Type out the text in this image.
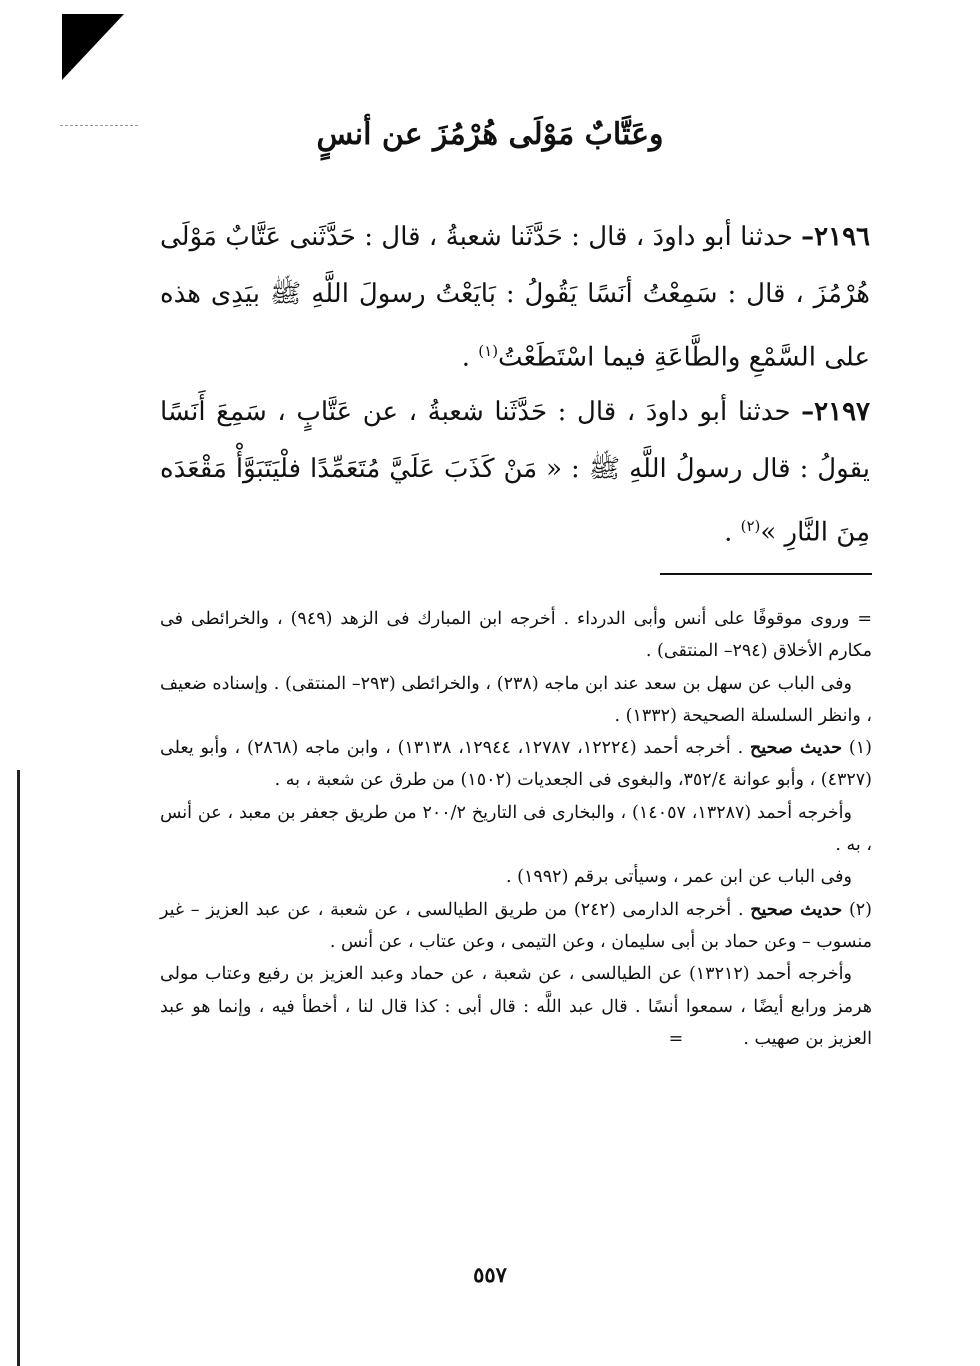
وعَتَّابٌ مَوْلَى هُرْمُزَ عن أنسٍ
٢١٩٦– حدثنا أبو داودَ ، قال : حَدَّثَنا شعبةُ ، قال : حَدَّثَنى عَتَّابٌ مَوْلَى هُرْمُزَ ، قال : سَمِعْتُ أنَسًا يَقُولُ : بَايَعْتُ رسولَ اللَّهِ ﷺ بيَدِى هذه على السَّمْعِ والطَّاعَةِ فيما اسْتَطَعْتُ$^{(١)}$ .
٢١٩٧– حدثنا أبو داودَ ، قال : حَدَّثَنا شعبةُ ، عن عَتَّابٍ ، سَمِعَ أَنَسًا يقولُ : قال رسولُ اللَّهِ ﷺ : « مَنْ كَذَبَ عَلَيَّ مُتَعَمِّدًا فلْيَتَبَوَّأْ مَقْعَدَه مِنَ النَّارِ »$^{(٢)}$ .

= وروى موقوفًا على أنس وأبى الدرداء . أخرجه ابن المبارك فى الزهد (٩٤٩) ، والخرائطى فى مكارم الأخلاق (٢٩٤– المنتقى) .

وفى الباب عن سهل بن سعد عند ابن ماجه (٢٣٨) ، والخرائطى (٢٩٣– المنتقى) . وإسناده ضعيف ، وانظر السلسلة الصحيحة (١٣٣٢) .

(١) حديث صحيح . أخرجه أحمد (١٢٢٢٤، ١٢٧٨٧، ١٢٩٤٤، ١٣١٣٨) ، وابن ماجه (٢٨٦٨) ، وأبو يعلى (٤٣٢٧) ، وأبو عوانة ٣٥٢/٤، والبغوى فى الجعديات (١٥٠٢) من طرق عن شعبة ، به .

وأخرجه أحمد (١٣٢٨٧، ١٤٠٥٧) ، والبخارى فى التاريخ ٢٠٠/٢ من طريق جعفر بن معبد ، عن أنس ، به .

وفى الباب عن ابن عمر ، وسيأتى برقم (١٩٩٢) .

(٢) حديث صحيح . أخرجه الدارمى (٢٤٢) من طريق الطيالسى ، عن شعبة ، عن عبد العزيز – غير منسوب – وعن حماد بن أبى سليمان ، وعن التيمى ، وعن عتاب ، عن أنس .

وأخرجه أحمد (١٣٢١٢) عن الطيالسى ، عن شعبة ، عن حماد وعبد العزيز بن رفيع وعتاب مولى هرمز ورابع أيضًا ، سمعوا أنسًا . قال عبد اللَّه : قال أبى : كذا قال لنا ، أخطأ فيه ، وإنما هو عبد العزيز بن صهيب .=

٥٥٧
